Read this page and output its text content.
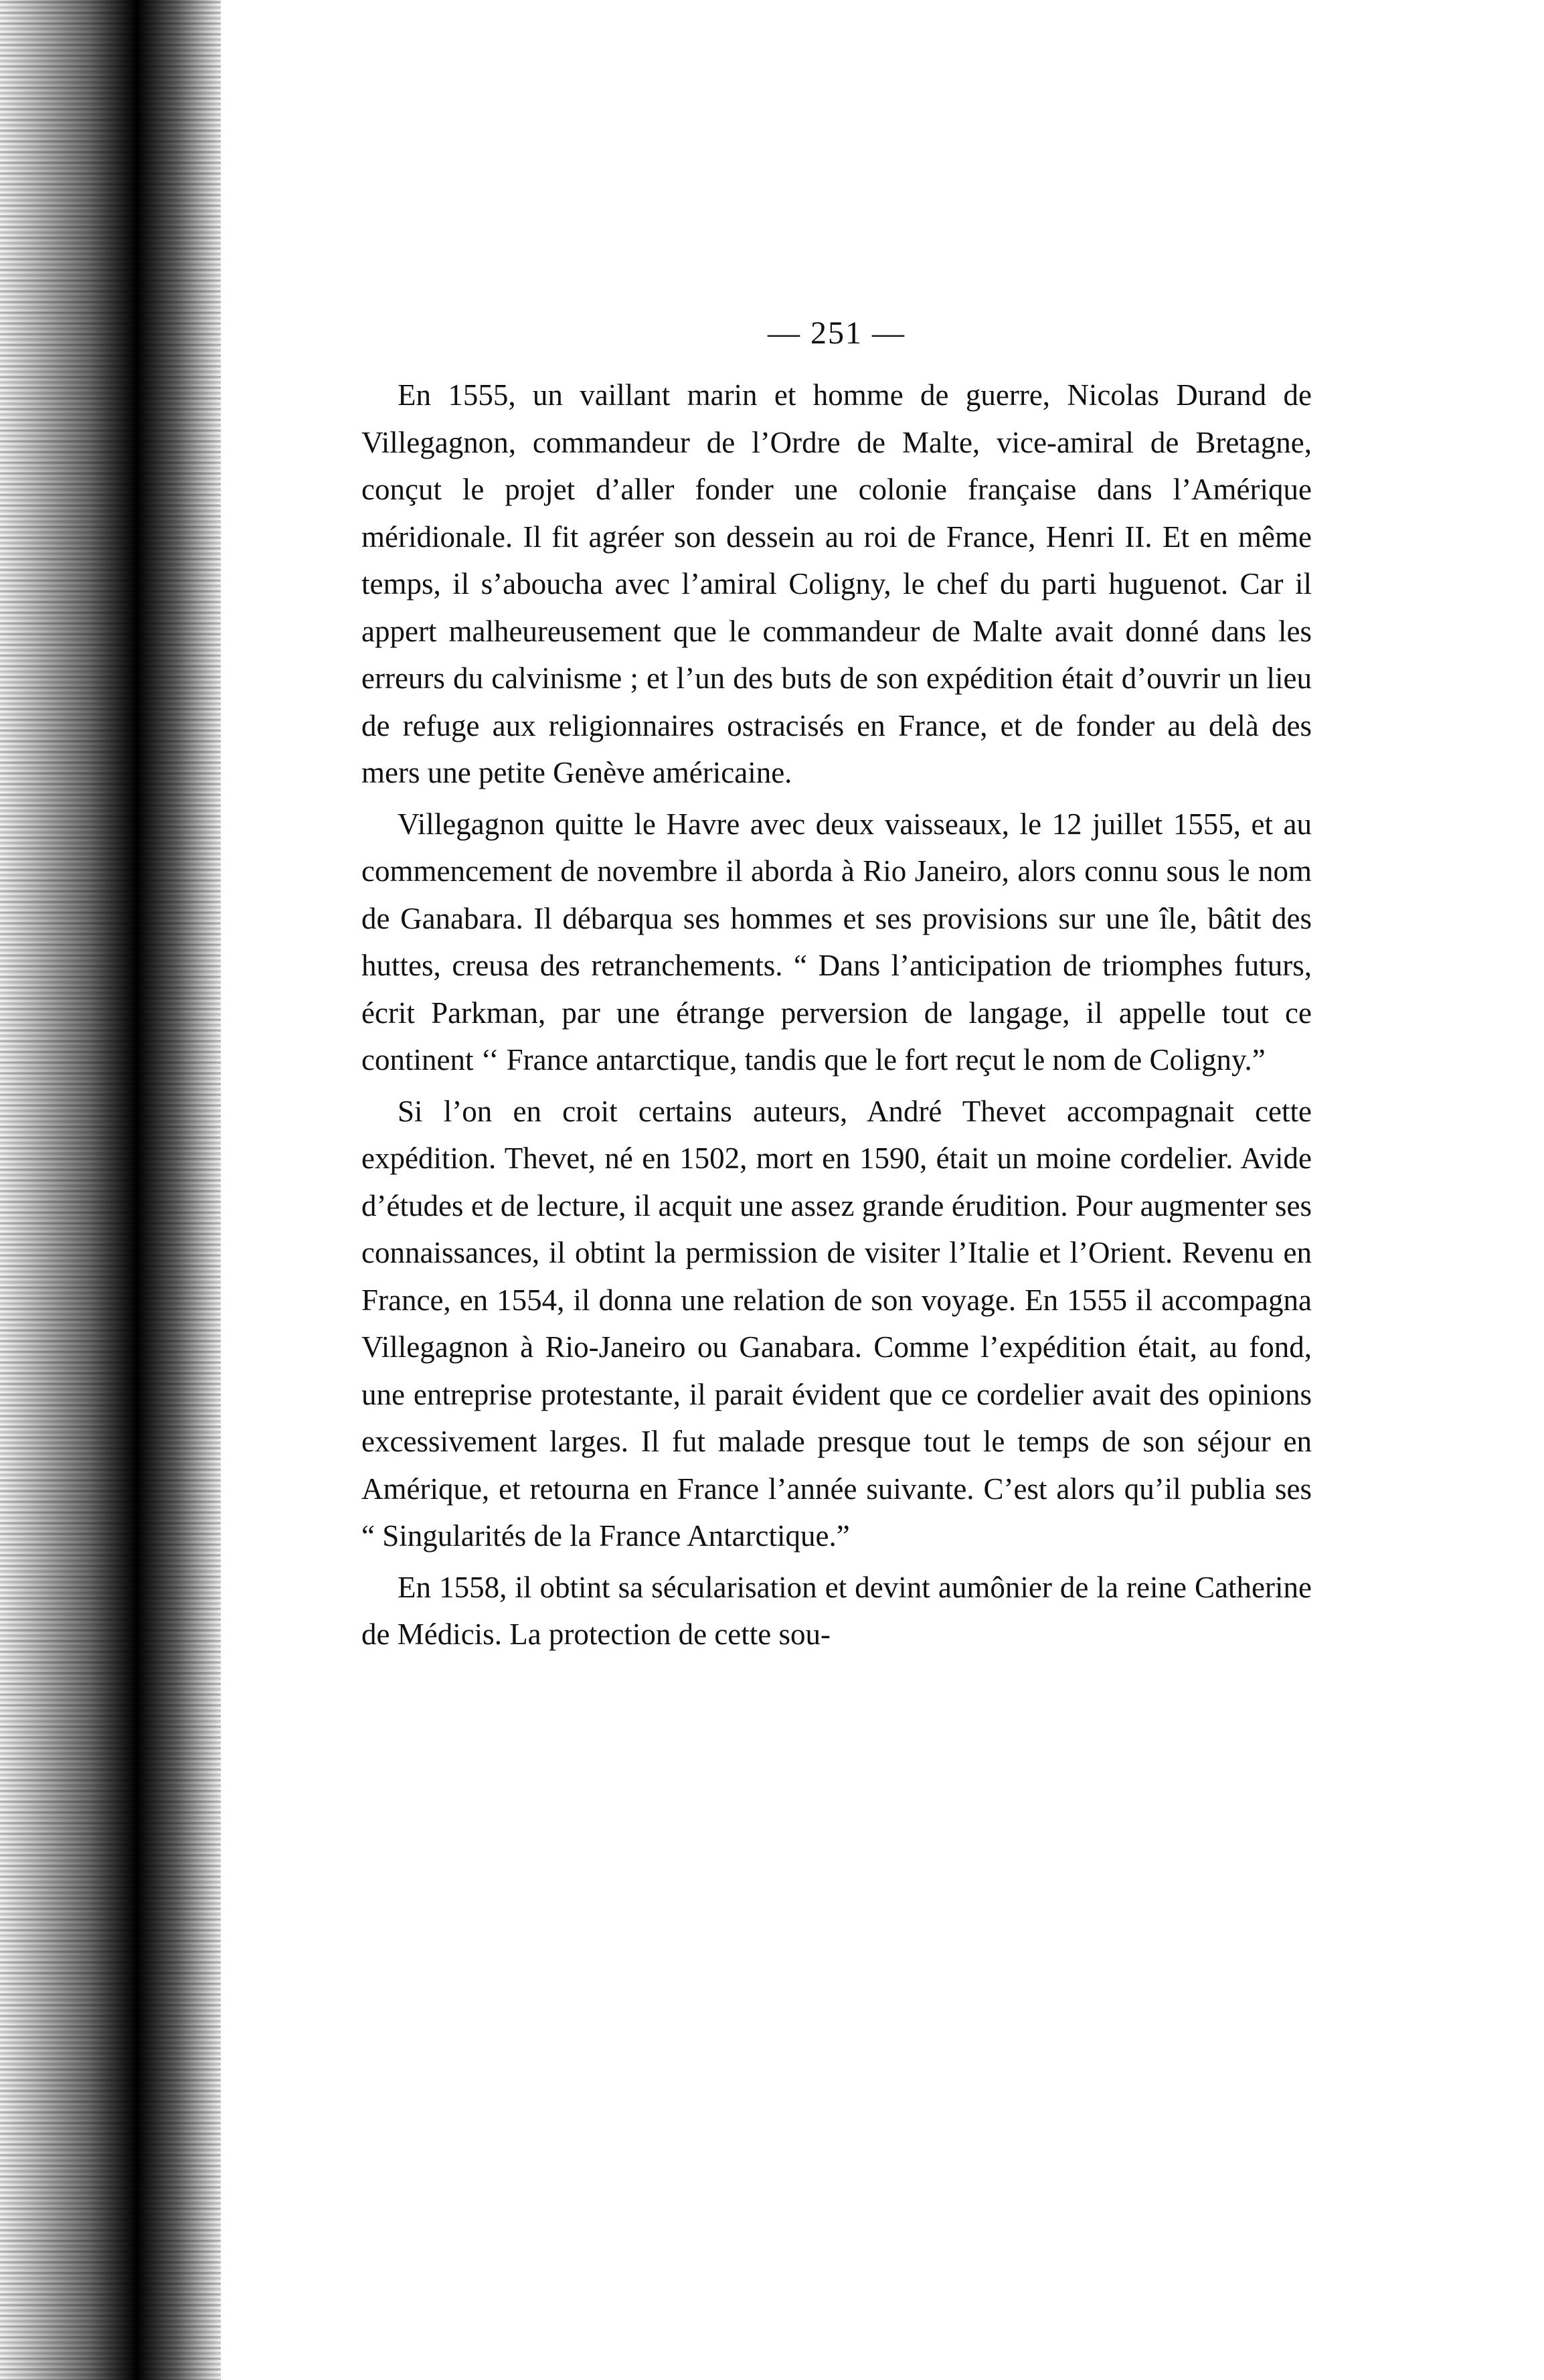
— 251 —

En 1555, un vaillant marin et homme de guerre, Nicolas Durand de Villegagnon, commandeur de l’Ordre de Malte, vice-amiral de Bretagne, conçut le projet d’aller fonder une colonie française dans l’Amérique méridionale. Il fit agréer son dessein au roi de France, Henri II. Et en même temps, il s’aboucha avec l’amiral Coligny, le chef du parti huguenot. Car il appert malheureusement que le commandeur de Malte avait donné dans les erreurs du calvinisme ; et l’un des buts de son expédition était d’ouvrir un lieu de refuge aux religionnaires ostracisés en France, et de fonder au delà des mers une petite Genève américaine.

Villegagnon quitte le Havre avec deux vaisseaux, le 12 juillet 1555, et au commencement de novembre il aborda à Rio Janeiro, alors connu sous le nom de Ganabara. Il débarqua ses hommes et ses provisions sur une île, bâtit des huttes, creusa des retranchements. “ Dans l’anticipation de triomphes futurs, écrit Parkman, par une étrange perversion de langage, il appelle tout ce continent ‘‘ France antarctique, tandis que le fort reçut le nom de Coligny.”

Si l’on en croit certains auteurs, André Thevet accompagnait cette expédition. Thevet, né en 1502, mort en 1590, était un moine cordelier. Avide d’études et de lecture, il acquit une assez grande érudition. Pour augmenter ses connaissances, il obtint la permission de visiter l’Italie et l’Orient. Revenu en France, en 1554, il donna une relation de son voyage. En 1555 il accompagna Villegagnon à Rio-Janeiro ou Ganabara. Comme l’expédition était, au fond, une entreprise protestante, il parait évident que ce cordelier avait des opinions excessivement larges. Il fut malade presque tout le temps de son séjour en Amérique, et retourna en France l’année suivante. C’est alors qu’il publia ses “ Singularités de la France Antarctique.”

En 1558, il obtint sa sécularisation et devint aumônier de la reine Catherine de Médicis. La protection de cette sou-
